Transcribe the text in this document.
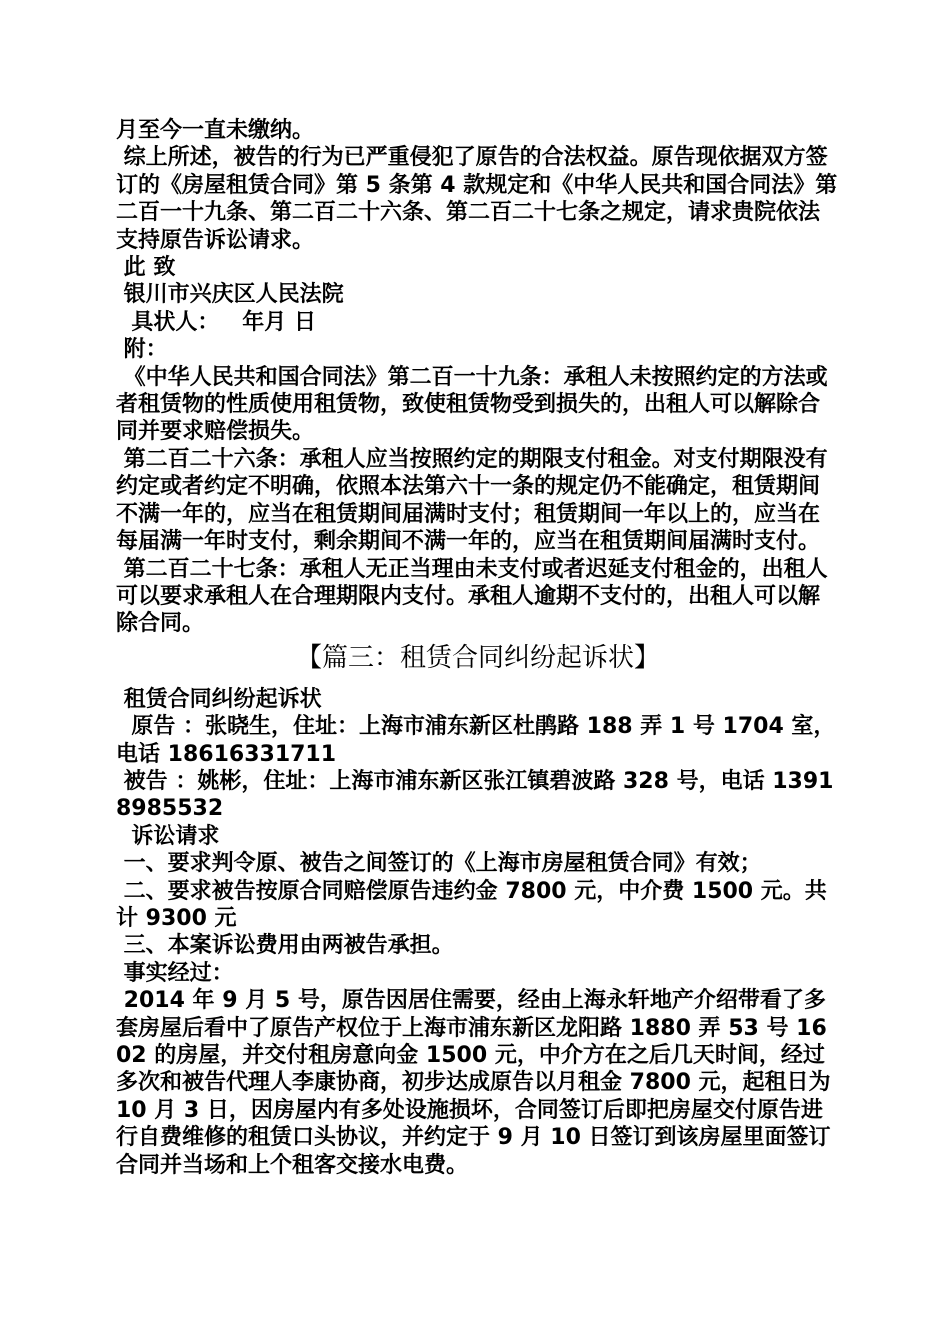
月至今一直未缴纳。

综上所述，被告的行为已严重侵犯了原告的合法权益。原告现依据双方签订的《房屋租赁合同》第 5 条第 4 款规定和《中华人民共和国合同法》第二百一十九条、第二百二十六条、第二百二十七条之规定，请求贵院依法支持原告诉讼请求。

此 致

银川市兴庆区人民法院

具状人：   年月 日

附：

《中华人民共和国合同法》第二百一十九条：承租人未按照约定的方法或者租赁物的性质使用租赁物，致使租赁物受到损失的，出租人可以解除合同并要求赔偿损失。

第二百二十六条：承租人应当按照约定的期限支付租金。对支付期限没有约定或者约定不明确，依照本法第六十一条的规定仍不能确定，租赁期间不满一年的，应当在租赁期间届满时支付；租赁期间一年以上的，应当在每届满一年时支付，剩余期间不满一年的，应当在租赁期间届满时支付。

第二百二十七条：承租人无正当理由未支付或者迟延支付租金的，出租人可以要求承租人在合理期限内支付。承租人逾期不支付的，出租人可以解除合同。

【篇三：租赁合同纠纷起诉状】

租赁合同纠纷起诉状

原告 ：张晓生，住址：上海市浦东新区杜鹃路 188 弄 1 号 1704 室，电话 18616331711

被告 ：姚彬，住址：上海市浦东新区张江镇碧波路 328 号，电话 13918985532

诉讼请求

一、要求判令原、被告之间签订的《上海市房屋租赁合同》有效；

二、要求被告按原合同赔偿原告违约金 7800 元，中介费 1500 元。共计 9300 元

三、本案诉讼费用由两被告承担。

事实经过：

2014 年 9 月 5 号，原告因居住需要，经由上海永轩地产介绍带看了多套房屋后看中了原告产权位于上海市浦东新区龙阳路 1880 弄 53 号 1602 的房屋，并交付租房意向金 1500 元，中介方在之后几天时间，经过多次和被告代理人李康协商，初步达成原告以月租金 7800 元，起租日为 10 月 3 日，因房屋内有多处设施损坏，合同签订后即把房屋交付原告进行自费维修的租赁口头协议，并约定于 9 月 10 日签订到该房屋里面签订合同并当场和上个租客交接水电费。
